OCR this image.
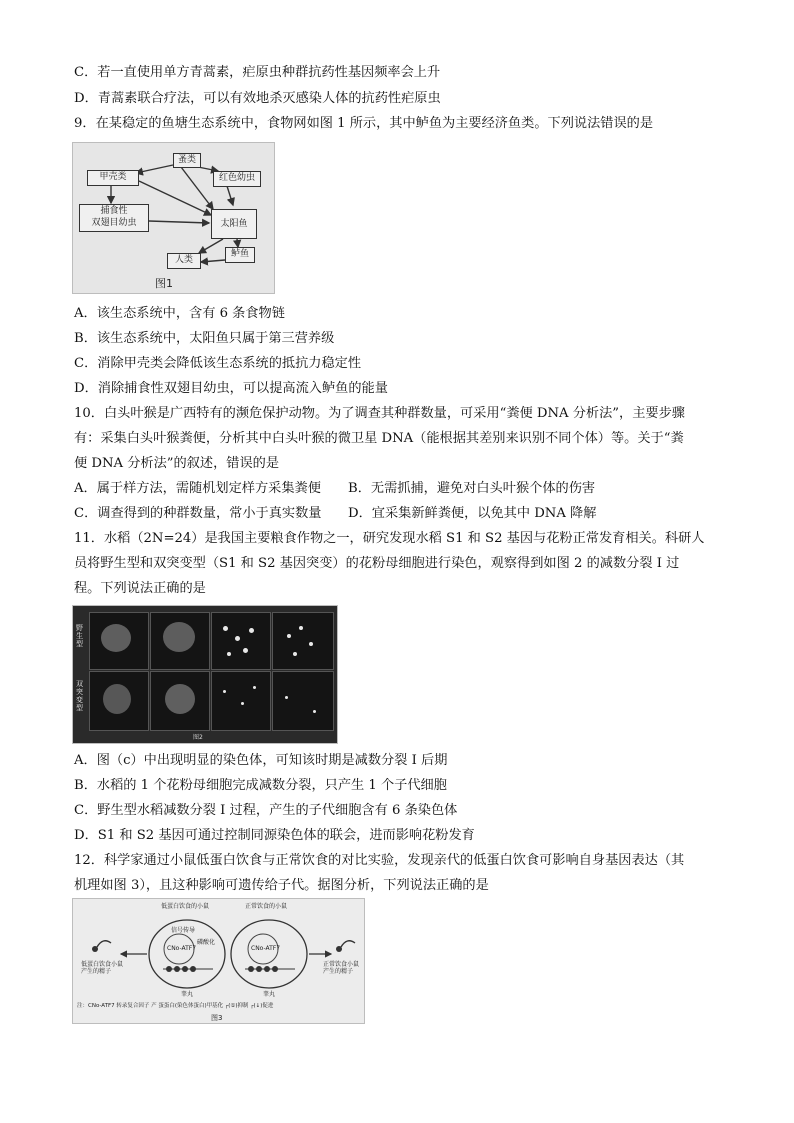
C．若一直使用单方青蒿素，疟原虫种群抗药性基因频率会上升
D．青蒿素联合疗法，可以有效地杀灭感染人体的抗药性疟原虫
9．在某稳定的鱼塘生态系统中，食物网如图 1 所示，其中鲈鱼为主要经济鱼类。下列说法错误的是
蚤类
甲壳类	红色幼虫
捕食性
双翅目幼虫	太阳鱼
人类
鲈鱼
图1
A．该生态系统中，含有 6 条食物链
B．该生态系统中，太阳鱼只属于第三营养级
C．消除甲壳类会降低该生态系统的抵抗力稳定性
D．消除捕食性双翅目幼虫，可以提高流入鲈鱼的能量
10．白头叶猴是广西特有的濒危保护动物。为了调查其种群数量，可采用“粪便 DNA 分析法”，主要步骤
有：采集白头叶猴粪便，分析其中白头叶猴的微卫星 DNA（能根据其差别来识别不同个体）等。关于“粪
便 DNA 分析法”的叙述，错误的是
A．属于样方法，需随机划定样方采集粪便 B．无需抓捕，避免对白头叶猴个体的伤害
C．调查得到的种群数量，常小于真实数量 D．宜采集新鲜粪便，以免其中 DNA 降解
11．水稻（2N=24）是我国主要粮食作物之一，研究发现水稻 S1 和 S2 基因与花粉正常发育相关。科研人
员将野生型和双突变型（S1 和 S2 基因突变）的花粉母细胞进行染色，观察得到如图 2 的减数分裂 I 过
程。下列说法正确的是
野生型
双突变型
图2
A．图（c）中出现明显的染色体，可知该时期是减数分裂 I 后期
B．水稻的 1 个花粉母细胞完成减数分裂，只产生 1 个子代细胞
C．野生型水稻减数分裂 I 过程，产生的子代细胞含有 6 条染色体
D．S1 和 S2 基因可通过控制同源染色体的联会，进而影响花粉发育
12．科学家通过小鼠低蛋白饮食与正常饮食的对比实验，发现亲代的低蛋白饮食可影响自身基因表达（其
机理如图 3），且这种影响可遗传给子代。据图分析，下列说法正确的是
低蛋白饮食的小鼠	正常饮食的小鼠
信号传导
磷酸化
CNo-ATF7	CNo-ATF7
低蛋白饮食小鼠
产生的精子
正常饮食小鼠
产生的精子
睾丸	睾丸
注：CNo-ATF7 转录复合因子 产 蛋蛋白(染色体蛋白)甲基化 ┌(①)抑制 ┌(↓)促进
图3
